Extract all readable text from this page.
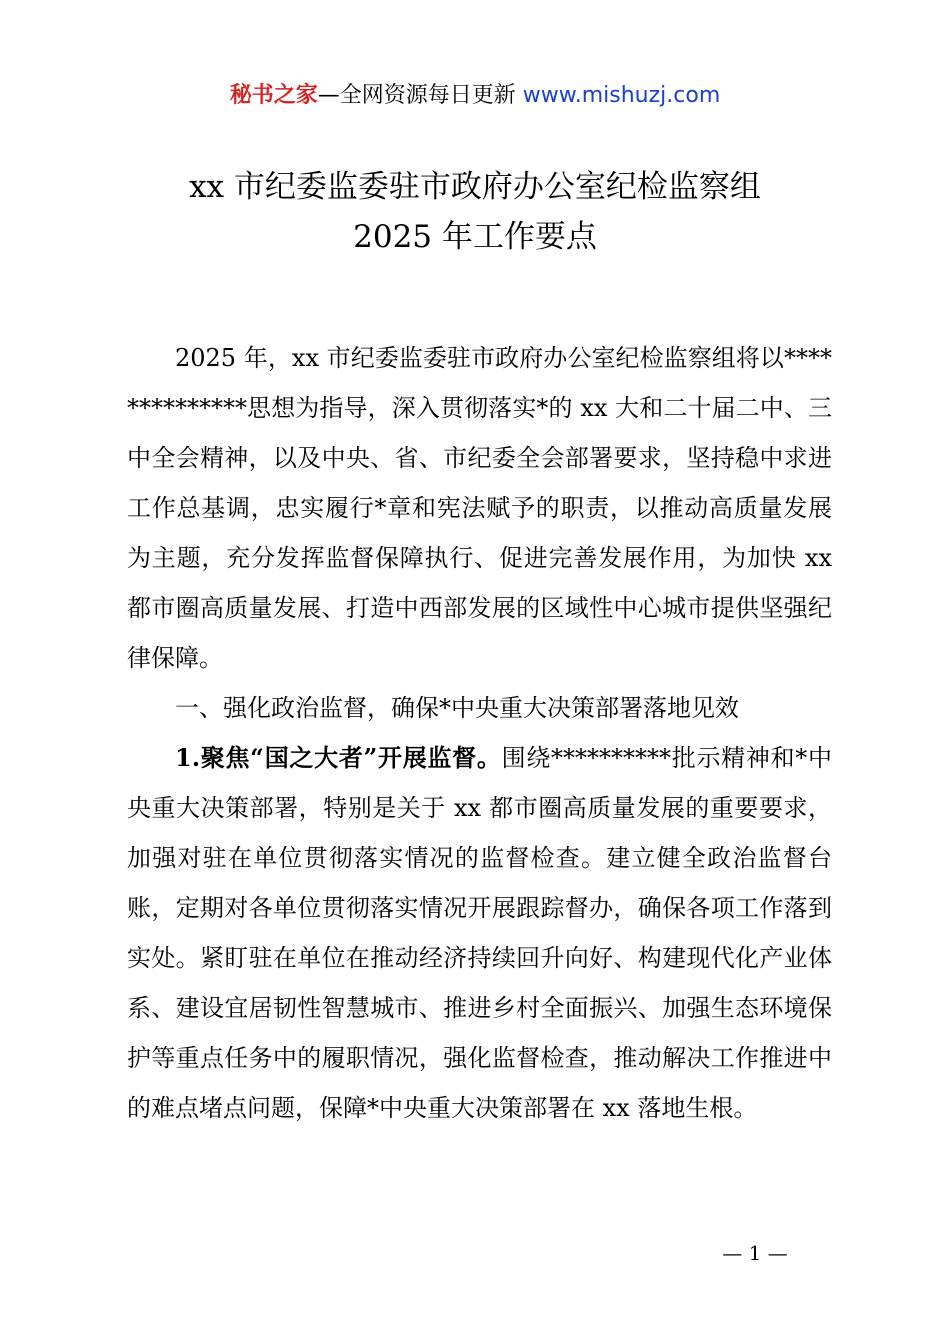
秘书之家—全网资源每日更新 www.mishuzj.com
xx 市纪委监委驻市政府办公室纪检监察组
2025 年工作要点

2025 年，xx 市纪委监委驻市政府办公室纪检监察组将以**************思想为指导，深入贯彻落实*的 xx 大和二十届二中、三中全会精神，以及中央、省、市纪委全会部署要求，坚持稳中求进工作总基调，忠实履行*章和宪法赋予的职责，以推动高质量发展为主题，充分发挥监督保障执行、促进完善发展作用，为加快 xx 都市圈高质量发展、打造中西部发展的区域性中心城市提供坚强纪律保障。

一、强化政治监督，确保*中央重大决策部署落地见效

1.聚焦“国之大者”开展监督。围绕**********批示精神和*中央重大决策部署，特别是关于 xx 都市圈高质量发展的重要要求，加强对驻在单位贯彻落实情况的监督检查。建立健全政治监督台账，定期对各单位贯彻落实情况开展跟踪督办，确保各项工作落到实处。紧盯驻在单位在推动经济持续回升向好、构建现代化产业体系、建设宜居韧性智慧城市、推进乡村全面振兴、加强生态环境保护等重点任务中的履职情况，强化监督检查，推动解决工作推进中的难点堵点问题，保障*中央重大决策部署在 xx 落地生根。

— 1 —
